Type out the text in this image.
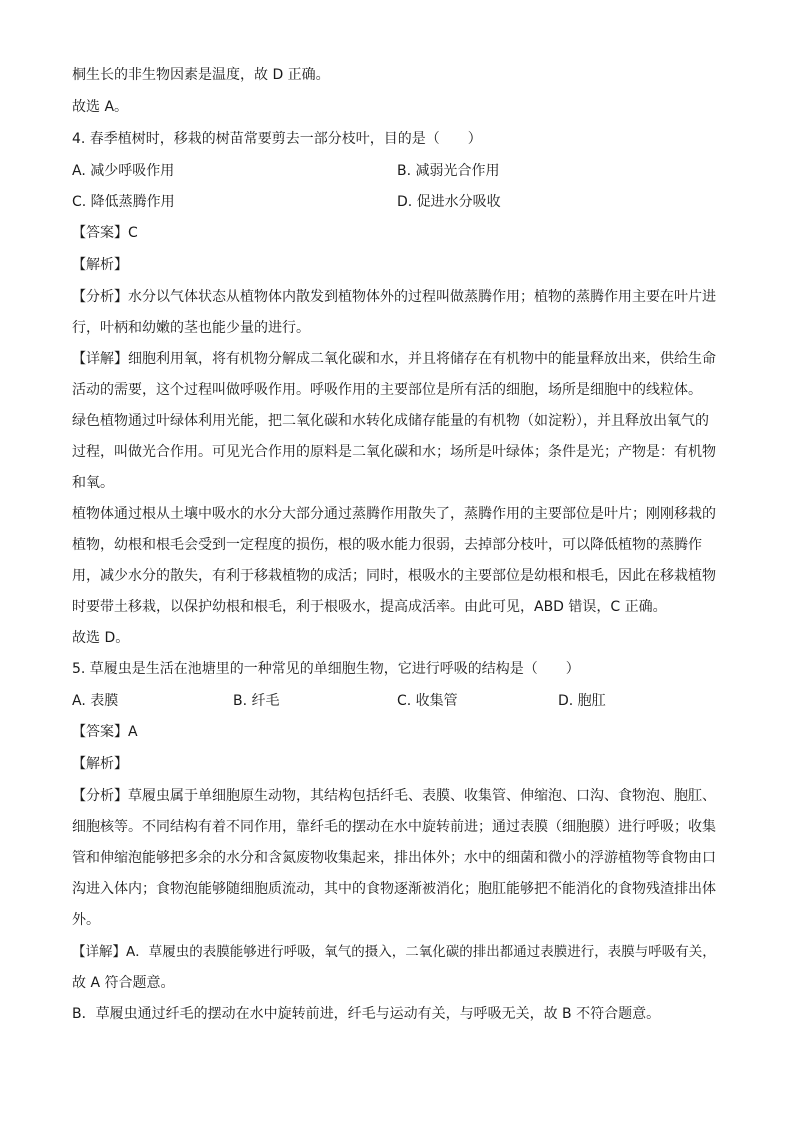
桐生长的非生物因素是温度，故 D 正确。
故选 A。
4. 春季植树时，移栽的树苗常要剪去一部分枝叶，目的是（　　）
A. 减少呼吸作用	B. 减弱光合作用
C. 降低蒸腾作用	D. 促进水分吸收
【答案】C
【解析】
【分析】水分以气体状态从植物体内散发到植物体外的过程叫做蒸腾作用；植物的蒸腾作用主要在叶片进
行，叶柄和幼嫩的茎也能少量的进行。
【详解】细胞利用氧，将有机物分解成二氧化碳和水，并且将储存在有机物中的能量释放出来，供给生命
活动的需要，这个过程叫做呼吸作用。呼吸作用的主要部位是所有活的细胞，场所是细胞中的线粒体。
绿色植物通过叶绿体利用光能，把二氧化碳和水转化成储存能量的有机物（如淀粉），并且释放出氧气的
过程，叫做光合作用。可见光合作用的原料是二氧化碳和水；场所是叶绿体；条件是光；产物是：有机物
和氧。
植物体通过根从土壤中吸水的水分大部分通过蒸腾作用散失了，蒸腾作用的主要部位是叶片；刚刚移栽的
植物，幼根和根毛会受到一定程度的损伤，根的吸水能力很弱，去掉部分枝叶，可以降低植物的蒸腾作
用，减少水分的散失，有利于移栽植物的成活；同时，根吸水的主要部位是幼根和根毛，因此在移栽植物
时要带土移栽，以保护幼根和根毛，利于根吸水，提高成活率。由此可见，ABD 错误，C 正确。
故选 D。
5. 草履虫是生活在池塘里的一种常见的单细胞生物，它进行呼吸的结构是（　　）
A. 表膜	B. 纤毛	C. 收集管	D. 胞肛
【答案】A
【解析】
【分析】草履虫属于单细胞原生动物，其结构包括纤毛、表膜、收集管、伸缩泡、口沟、食物泡、胞肛、
细胞核等。不同结构有着不同作用，靠纤毛的摆动在水中旋转前进；通过表膜（细胞膜）进行呼吸；收集
管和伸缩泡能够把多余的水分和含氮废物收集起来，排出体外；水中的细菌和微小的浮游植物等食物由口
沟进入体内；食物泡能够随细胞质流动，其中的食物逐渐被消化；胞肛能够把不能消化的食物残渣排出体
外。
【详解】A．草履虫的表膜能够进行呼吸，氧气的摄入，二氧化碳的排出都通过表膜进行，表膜与呼吸有关，
故 A 符合题意。
B．草履虫通过纤毛的摆动在水中旋转前进，纤毛与运动有关，与呼吸无关，故 B 不符合题意。
